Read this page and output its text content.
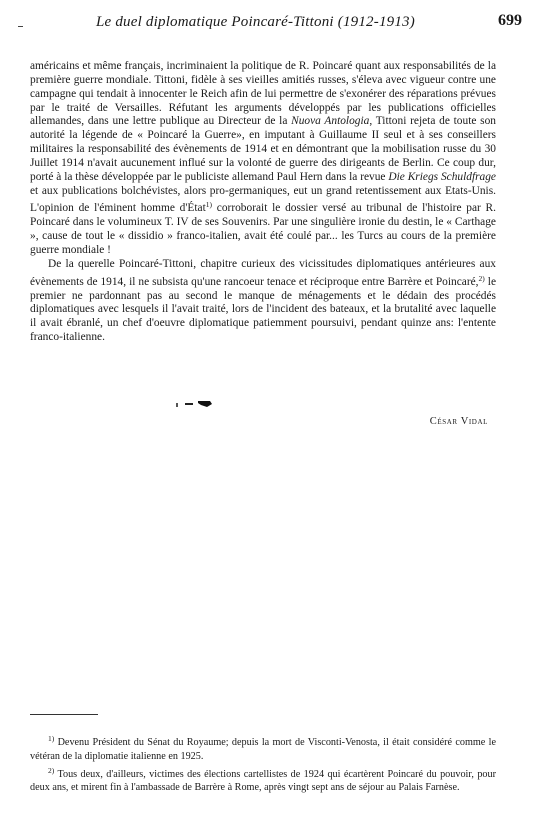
Le duel diplomatique Poincaré-Tittoni (1912-1913)	699

américains et même français, incriminaient la politique de R. Poincaré quant aux responsabilités de la première guerre mondiale. Tittoni, fidèle à ses vieilles amitiés russes, s'éleva avec vigueur contre une campagne qui tendait à innocenter le Reich afin de lui permettre de s'exonérer des réparations prévues par le traité de Versailles. Réfutant les arguments développés par les publications officielles allemandes, dans une lettre publique au Directeur de la Nuova Antologia, Tittoni rejeta de toute son autorité la légende de « Poincaré la Guerre», en imputant à Guillaume II seul et à ses conseillers militaires la responsabilité des évènements de 1914 et en démontrant que la mobilisation russe du 30 Juillet 1914 n'avait aucunement influé sur la volonté de guerre des dirigeants de Berlin. Ce coup dur, porté à la thèse développée par le publiciste allemand Paul Hern dans la revue Die Kriegs Schuldfrage et aux publications bolchévistes, alors pro-germaniques, eut un grand retentissement aux Etats-Unis. L'opinion de l'éminent homme d'État$^{1)}$ corroborait le dossier versé au tribunal de l'histoire par R. Poincaré dans le volumineux T. IV de ses Souvenirs. Par une singulière ironie du destin, le « Carthage », cause de tout le « dissidio » franco-italien, avait été coulé par... les Turcs au cours de la première guerre mondiale !

De la querelle Poincaré-Tittoni, chapitre curieux des vicissitudes diplomatiques antérieures aux évènements de 1914, il ne subsista qu'une rancoeur tenace et réciproque entre Barrère et Poincaré,$^{2)}$ le premier ne pardonnant pas au second le manque de ménagements et le dédain des procédés diplomatiques avec lesquels il l'avait traité, lors de l'incident des bateaux, et la brutalité avec laquelle il avait ébranlé, un chef d'oeuvre diplomatique patiemment poursuivi, pendant quinze ans: l'entente franco-italienne.

César Vidal

$^{1)}$ Devenu Président du Sénat du Royaume; depuis la mort de Visconti-Venosta, il était considéré comme le vétéran de la diplomatie italienne en 1925.

$^{2)}$ Tous deux, d'ailleurs, victimes des élections cartellistes de 1924 qui écartèrent Poincaré du pouvoir, pour deux ans, et mirent fin à l'ambassade de Barrère à Rome, après vingt sept ans de séjour au Palais Farnèse.
